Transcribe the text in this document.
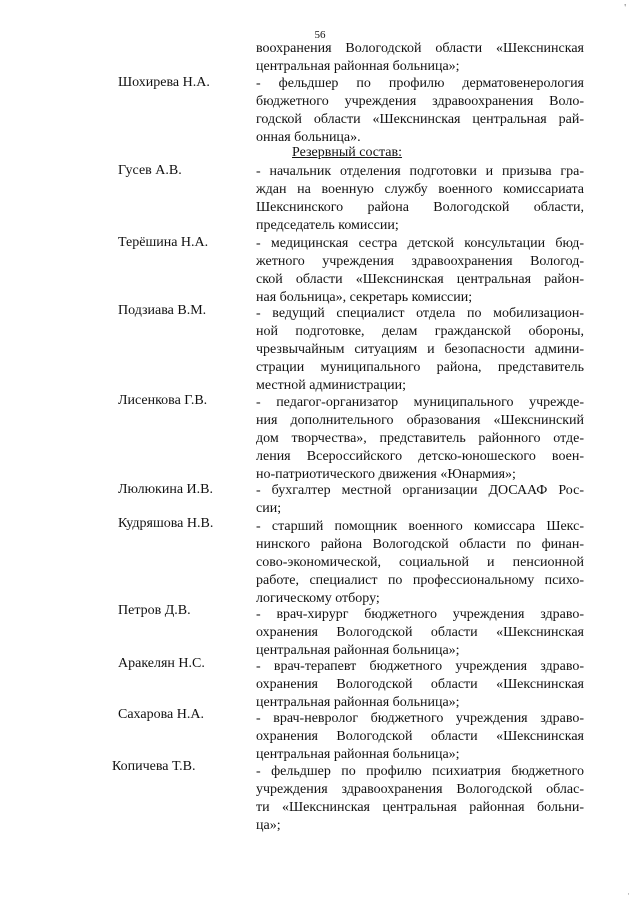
'
56
воохранения Вологодской области «Шекснинская
центральная районная больница»;
Шохирева Н.А.	- фельдшер по профилю дерматовенерология
бюджетного учреждения здравоохранения Воло-
годской области «Шекснинская центральная рай-
онная больница».
Резервный состав:
Гусев А.В.	- начальник отделения подготовки и призыва гра-
ждан на военную службу военного комиссариата
Шекснинского района Вологодской области,
председатель комиссии;
Терёшина Н.А.	- медицинская сестра детской консультации бюд-
жетного учреждения здравоохранения Вологод-
ской области «Шекснинская центральная район-
ная больница», секретарь комиссии;
Подзиава В.М.	- ведущий специалист отдела по мобилизацион-
ной подготовке, делам гражданской обороны,
чрезвычайным ситуациям и безопасности админи-
страции муниципального района, представитель
местной администрации;
Лисенкова Г.В.	- педагог-организатор муниципального учрежде-
ния дополнительного образования «Шекснинский
дом творчества», представитель районного отде-
ления Всероссийского детско-юношеского воен-
но-патриотического движения «Юнармия»;
Люлюкина И.В.	- бухгалтер местной организации ДОСААФ Рос-
сии;
Кудряшова Н.В.	- старший помощник военного комиссара Шекс-
нинского района Вологодской области по финан-
сово-экономической, социальной и пенсионной
работе, специалист по профессиональному психо-
логическому отбору;
Петров Д.В.	- врач-хирург бюджетного учреждения здраво-
охранения Вологодской области «Шекснинская
центральная районная больница»;
Аракелян Н.С.	- врач-терапевт бюджетного учреждения здраво-
охранения Вологодской области «Шекснинская
центральная районная больница»;
Сахарова Н.А.	- врач-невролог бюджетного учреждения здраво-
охранения Вологодской области «Шекснинская
центральная районная больница»;
Копичева Т.В.	- фельдшер по профилю психиатрия бюджетного
учреждения здравоохранения Вологодской облас-
ти «Шекснинская центральная районная больни-
ца»;
·
